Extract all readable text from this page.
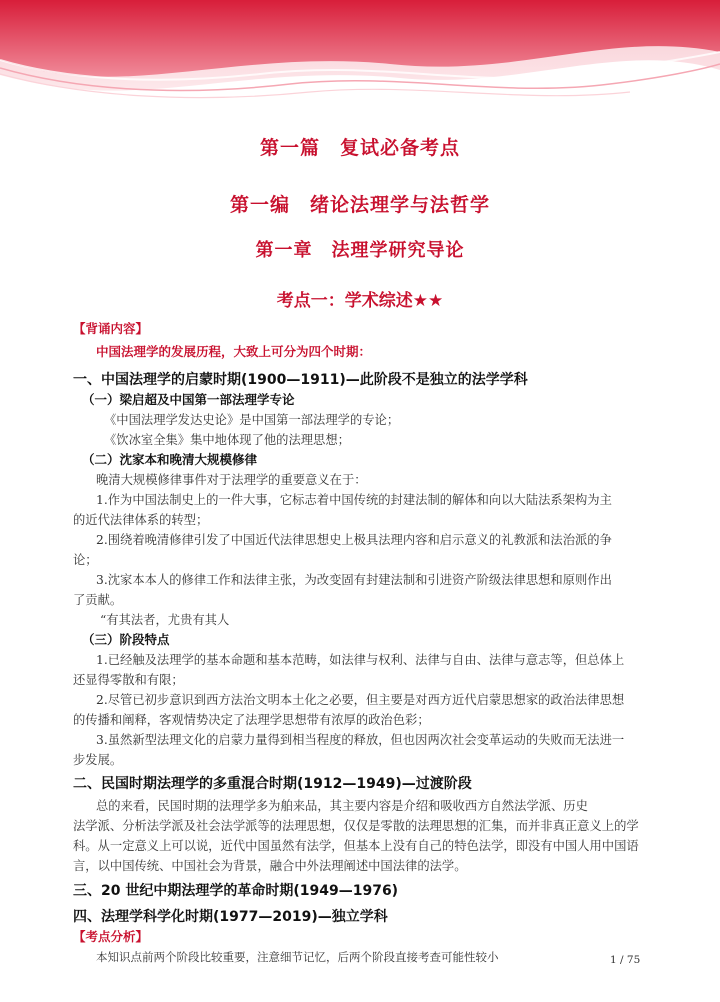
第一篇　复试必备考点
第一编　绪论法理学与法哲学
第一章　法理学研究导论
考点一：学术综述★★
【背诵内容】
中国法理学的发展历程，大致上可分为四个时期：
一、中国法理学的启蒙时期(1900—1911)—此阶段不是独立的法学学科
（一）梁启超及中国第一部法理学专论
《中国法理学发达史论》是中国第一部法理学的专论；
《饮冰室全集》集中地体现了他的法理思想；
（二）沈家本和晚清大规模修律
晚清大规模修律事件对于法理学的重要意义在于：
1.作为中国法制史上的一件大事，它标志着中国传统的封建法制的解体和向以大陆法系架构为主
的近代法律体系的转型；
2.围绕着晚清修律引发了中国近代法律思想史上极具法理内容和启示意义的礼教派和法治派的争
论；
3.沈家本本人的修律工作和法律主张，为改变固有封建法制和引进资产阶级法律思想和原则作出
了贡献。
“有其法者，尤贵有其人
（三）阶段特点
1.已经触及法理学的基本命题和基本范畴，如法律与权利、法律与自由、法律与意志等，但总体上
还显得零散和有限；
2.尽管已初步意识到西方法治文明本土化之必要，但主要是对西方近代启蒙思想家的政治法律思想
的传播和阐释，客观情势决定了法理学思想带有浓厚的政治色彩；
3.虽然新型法理文化的启蒙力量得到相当程度的释放，但也因两次社会变革运动的失败而无法进一
步发展。
二、民国时期法理学的多重混合时期(1912—1949)—过渡阶段
总的来看，民国时期的法理学多为舶来品，其主要内容是介绍和吸收西方自然法学派、历史
法学派、分析法学派及社会法学派等的法理思想，仅仅是零散的法理思想的汇集，而并非真正意义上的学
科。从一定意义上可以说，近代中国虽然有法学，但基本上没有自己的特色法学，即没有中国人用中国语
言，以中国传统、中国社会为背景，融合中外法理阐述中国法律的法学。
三、20 世纪中期法理学的革命时期(1949—1976)
四、法理学科学化时期(1977—2019)—独立学科
【考点分析】
本知识点前两个阶段比较重要，注意细节记忆，后两个阶段直接考查可能性较小	1 / 75
